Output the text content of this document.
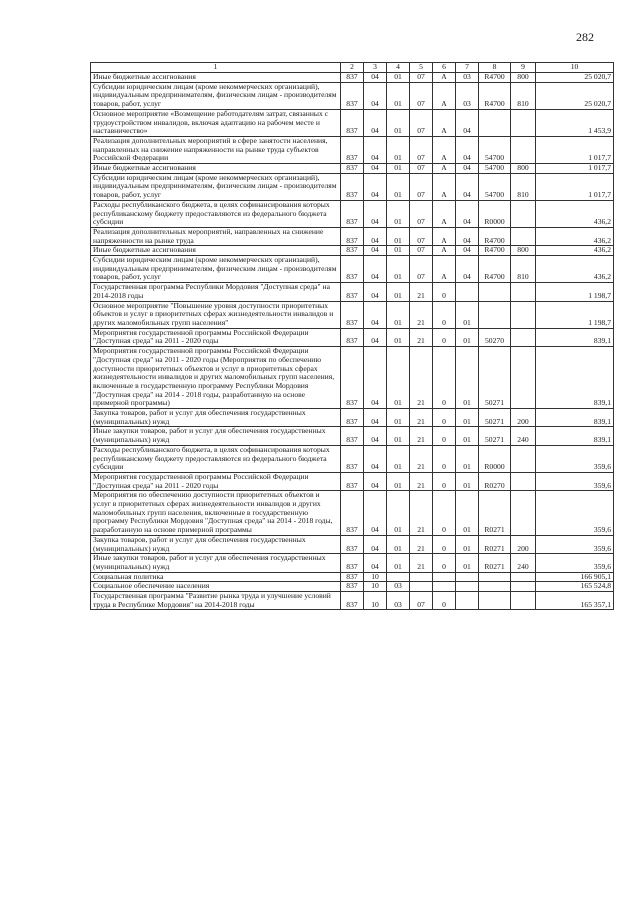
282
1	2	3	4	5	6	7	8	9	10
Иные бюджетные ассигнования	837	04	01	07	А	03	R4700	800	25 020,7
Субсидии юридическим лицам (кроме некоммерческих организаций), индивидуальным предпринимателям, физическим лицам - производителям товаров, работ, услуг	837	04	01	07	А	03	R4700	810	25 020,7
Основное мероприятие «Возмещение работодателям затрат, связанных с трудоустройством инвалидов, включая адаптацию на рабочем месте и наставничество»	837	04	01	07	А	04			1 453,9
Реализация дополнительных мероприятий в сфере занятости населения, направленных на снижение напряженности на рынке труда субъектов Российской Федерации	837	04	01	07	А	04	54700		1 017,7
Иные бюджетные ассигнования	837	04	01	07	А	04	54700	800	1 017,7
Субсидии юридическим лицам (кроме некоммерческих организаций), индивидуальным предпринимателям, физическим лицам - производителям товаров, работ, услуг	837	04	01	07	А	04	54700	810	1 017,7
Расходы республиканского бюджета, в целях софинансирования которых республиканскому бюджету предоставляются из федерального бюджета субсидии	837	04	01	07	А	04	R0000		436,2
Реализация дополнительных мероприятий, направленных на снижение напряженности на рынке труда	837	04	01	07	А	04	R4700		436,2
Иные бюджетные ассигнования	837	04	01	07	А	04	R4700	800	436,2
Субсидии юридическим лицам (кроме некоммерческих организаций), индивидуальным предпринимателям, физическим лицам - производителям товаров, работ, услуг	837	04	01	07	А	04	R4700	810	436,2
Государственная программа Республики Мордовия "Доступная среда" на 2014-2018 годы	837	04	01	21	0				1 198,7
Основное мероприятие "Повышение уровня доступности приоритетных объектов и услуг в приоритетных сферах жизнедеятельности инвалидов и других маломобильных групп населения"	837	04	01	21	0	01			1 198,7
Мероприятия государственной программы Российской Федерации "Доступная среда" на 2011 - 2020 годы	837	04	01	21	0	01	50270		839,1
Мероприятия государственной программы Российской Федерации "Доступная среда" на 2011 - 2020 годы (Мероприятия по обеспечению доступности приоритетных объектов и услуг в приоритетных сферах жизнедеятельности инвалидов и других маломобильных групп населения, включенные в государственную программу Республики Мордовия "Доступная среда" на 2014 - 2018 годы, разработанную на основе примерной программы)	837	04	01	21	0	01	50271		839,1
Закупка товаров, работ и услуг для обеспечения государственных (муниципальных) нужд	837	04	01	21	0	01	50271	200	839,1
Иные закупки товаров, работ и услуг для обеспечения государственных (муниципальных) нужд	837	04	01	21	0	01	50271	240	839,1
Расходы республиканского бюджета, в целях софинансирования которых республиканскому бюджету предоставляются из федерального бюджета субсидии	837	04	01	21	0	01	R0000		359,6
Мероприятия государственной программы Российской Федерации "Доступная среда" на 2011 - 2020 годы	837	04	01	21	0	01	R0270		359,6
Мероприятия по обеспечению доступности приоритетных объектов и услуг в приоритетных сферах жизнедеятельности инвалидов и других маломобильных групп населения, включенные в государственную программу Республики Мордовия "Доступная среда" на 2014 - 2018 годы, разработанную на основе примерной программы	837	04	01	21	0	01	R0271		359,6
Закупка товаров, работ и услуг для обеспечения государственных (муниципальных) нужд	837	04	01	21	0	01	R0271	200	359,6
Иные закупки товаров, работ и услуг для обеспечения государственных (муниципальных) нужд	837	04	01	21	0	01	R0271	240	359,6
Социальная политика	837	10							166 905,1
Социальное обеспечение населения	837	10	03						165 524,8
Государственная программа "Развитие рынка труда и улучшение условий труда в Республике Мордовия" на 2014-2018 годы	837	10	03	07	0				165 357,1
